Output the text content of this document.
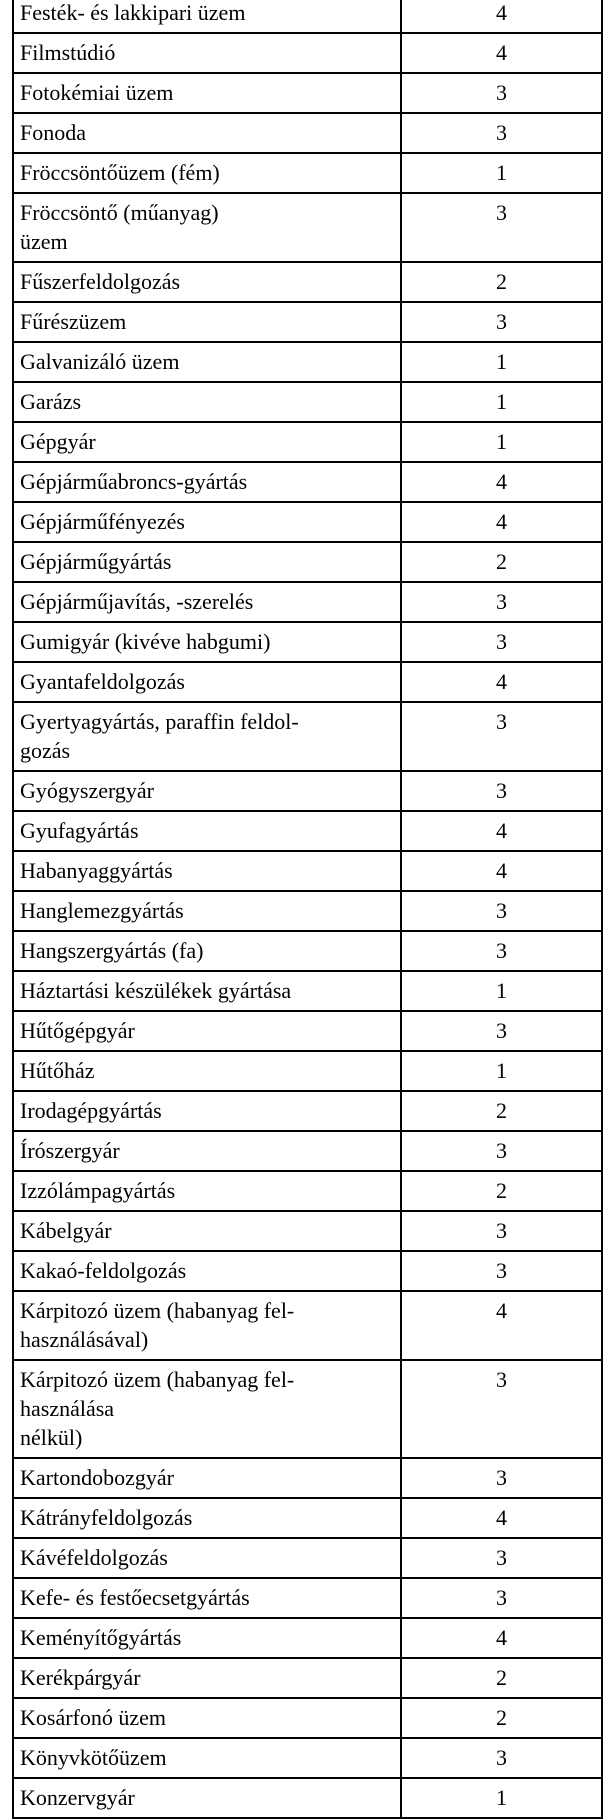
Festék- és lakkipari üzem	4
Filmstúdió	4
Fotokémiai üzem	3
Fonoda	3
Fröccsöntőüzem (fém)	1
Fröccsöntő (műanyag)
üzem	3
Fűszerfeldolgozás	2
Fűrészüzem	3
Galvanizáló üzem	1
Garázs	1
Gépgyár	1
Gépjárműabroncs-gyártás	4
Gépjárműfényezés	4
Gépjárműgyártás	2
Gépjárműjavítás, -szerelés	3
Gumigyár (kivéve habgumi)	3
Gyantafeldolgozás	4
Gyertyagyártás, paraffin feldol-
gozás	3
Gyógyszergyár	3
Gyufagyártás	4
Habanyaggyártás	4
Hanglemezgyártás	3
Hangszergyártás (fa)	3
Háztartási készülékek gyártása	1
Hűtőgépgyár	3
Hűtőház	1
Irodagépgyártás	2
Írószergyár	3
Izzólámpagyártás	2
Kábelgyár	3
Kakaó-feldolgozás	3
Kárpitozó üzem (habanyag fel-
használásával)	4
Kárpitozó üzem (habanyag fel-
használása
nélkül)	3
Kartondobozgyár	3
Kátrányfeldolgozás	4
Kávéfeldolgozás	3
Kefe- és festőecsetgyártás	3
Keményítőgyártás	4
Kerékpárgyár	2
Kosárfonó üzem	2
Könyvkötőüzem	3
Konzervgyár	1
